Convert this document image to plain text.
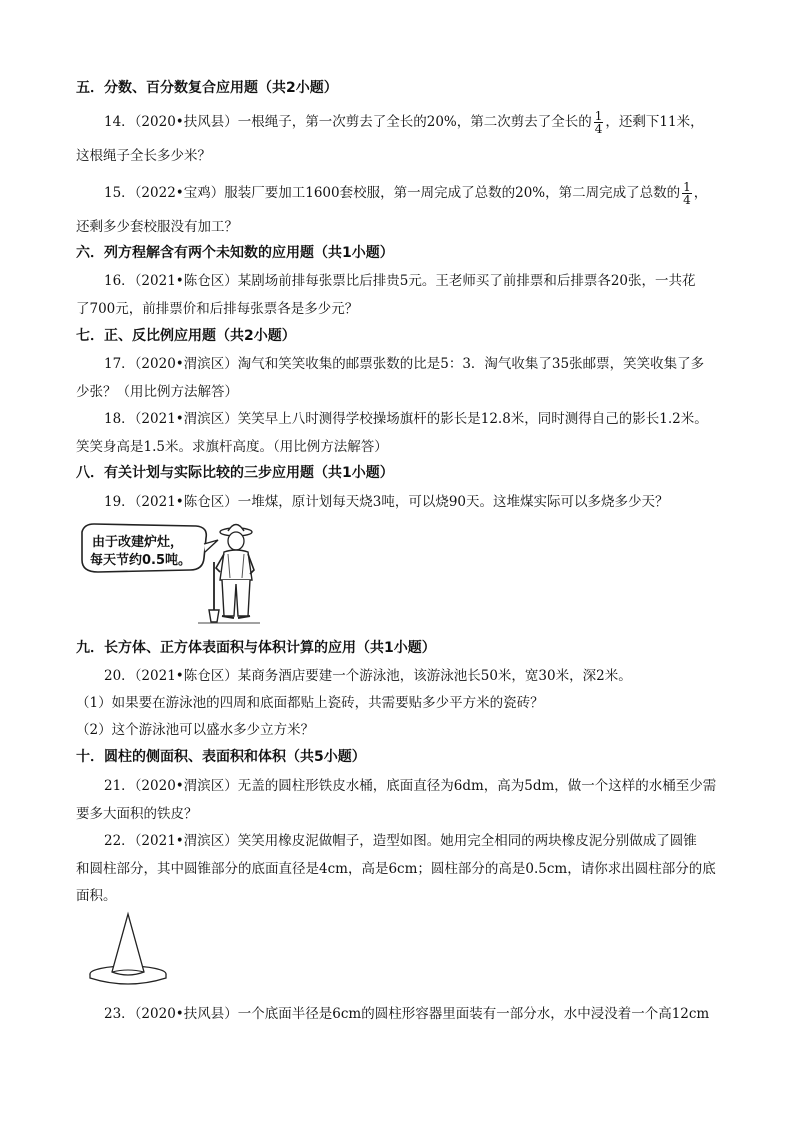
五．分数、百分数复合应用题（共2小题）
14．（2020•扶风县）一根绳子，第一次剪去了全长的20%，第二次剪去了全长的 $\frac{1}{4}$ ，还剩下11米，
这根绳子全长多少米？
15．（2022•宝鸡）服装厂要加工1600套校服，第一周完成了总数的20%，第二周完成了总数的 $\frac{1}{4}$ ，
还剩多少套校服没有加工？
六．列方程解含有两个未知数的应用题（共1小题）
16．（2021•陈仓区）某剧场前排每张票比后排贵5元。王老师买了前排票和后排票各20张，一共花
了700元，前排票价和后排每张票各是多少元？
七．正、反比例应用题（共2小题）
17．（2020•渭滨区）淘气和笑笑收集的邮票张数的比是5：3．淘气收集了35张邮票，笑笑收集了多
少张？（用比例方法解答）
18．（2021•渭滨区）笑笑早上八时测得学校操场旗杆的影长是12.8米，同时测得自己的影长1.2米。
笑笑身高是1.5米。求旗杆高度。（用比例方法解答）
八．有关计划与实际比较的三步应用题（共1小题）
19．（2021•陈仓区）一堆煤，原计划每天烧3吨，可以烧90天。这堆煤实际可以多烧多少天？
由于改建炉灶，
每天节约0.5吨。
九．长方体、正方体表面积与体积计算的应用（共1小题）
20．（2021•陈仓区）某商务酒店要建一个游泳池，该游泳池长50米，宽30米，深2米。
（1）如果要在游泳池的四周和底面都贴上瓷砖，共需要贴多少平方米的瓷砖？
（2）这个游泳池可以盛水多少立方米？
十．圆柱的侧面积、表面积和体积（共5小题）
21．（2020•渭滨区）无盖的圆柱形铁皮水桶，底面直径为6dm，高为5dm，做一个这样的水桶至少需
要多大面积的铁皮？
22．（2021•渭滨区）笑笑用橡皮泥做帽子，造型如图。她用完全相同的两块橡皮泥分别做成了圆锥
和圆柱部分，其中圆锥部分的底面直径是4cm，高是6cm；圆柱部分的高是0.5cm，请你求出圆柱部分的底
面积。
23．（2020•扶风县）一个底面半径是6cm的圆柱形容器里面装有一部分水，水中浸没着一个高12cm
